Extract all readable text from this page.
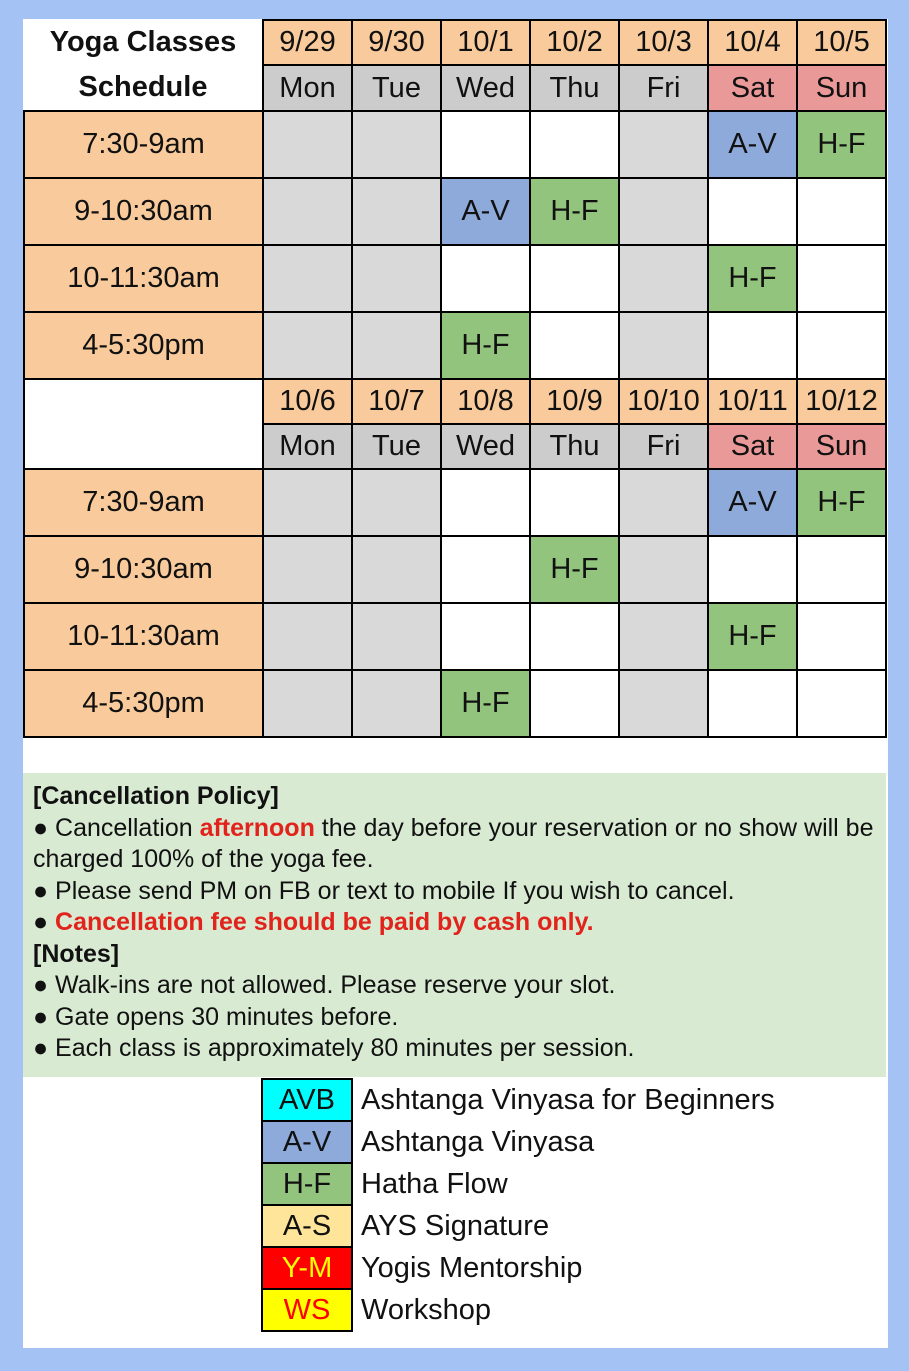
Yoga Classes
Schedule	9/29	9/30	10/1	10/2	10/3	10/4	10/5
	Mon	Tue	Wed	Thu	Fri	Sat	Sun
7:30-9am						A-V	H-F
9-10:30am			A-V	H-F			
10-11:30am						H-F	
4-5:30pm			H-F				
	10/6	10/7	10/8	10/9	10/10	10/11	10/12
	Mon	Tue	Wed	Thu	Fri	Sat	Sun
7:30-9am						A-V	H-F
9-10:30am				H-F			
10-11:30am						H-F	
4-5:30pm			H-F				

[Cancellation Policy]

● Cancellation afternoon the day before your reservation or no show will be charged 100% of the yoga fee.

● Please send PM on FB or text to mobile If you wish to cancel.

● Cancellation fee should be paid by cash only.

[Notes]

● Walk-ins are not allowed. Please reserve your slot.

● Gate opens 30 minutes before.

● Each class is approximately 80 minutes per session.

AVB	Ashtanga Vinyasa for Beginners
A-V	Ashtanga Vinyasa
H-F	Hatha Flow
A-S	AYS Signature
Y-M	Yogis Mentorship
WS	Workshop
